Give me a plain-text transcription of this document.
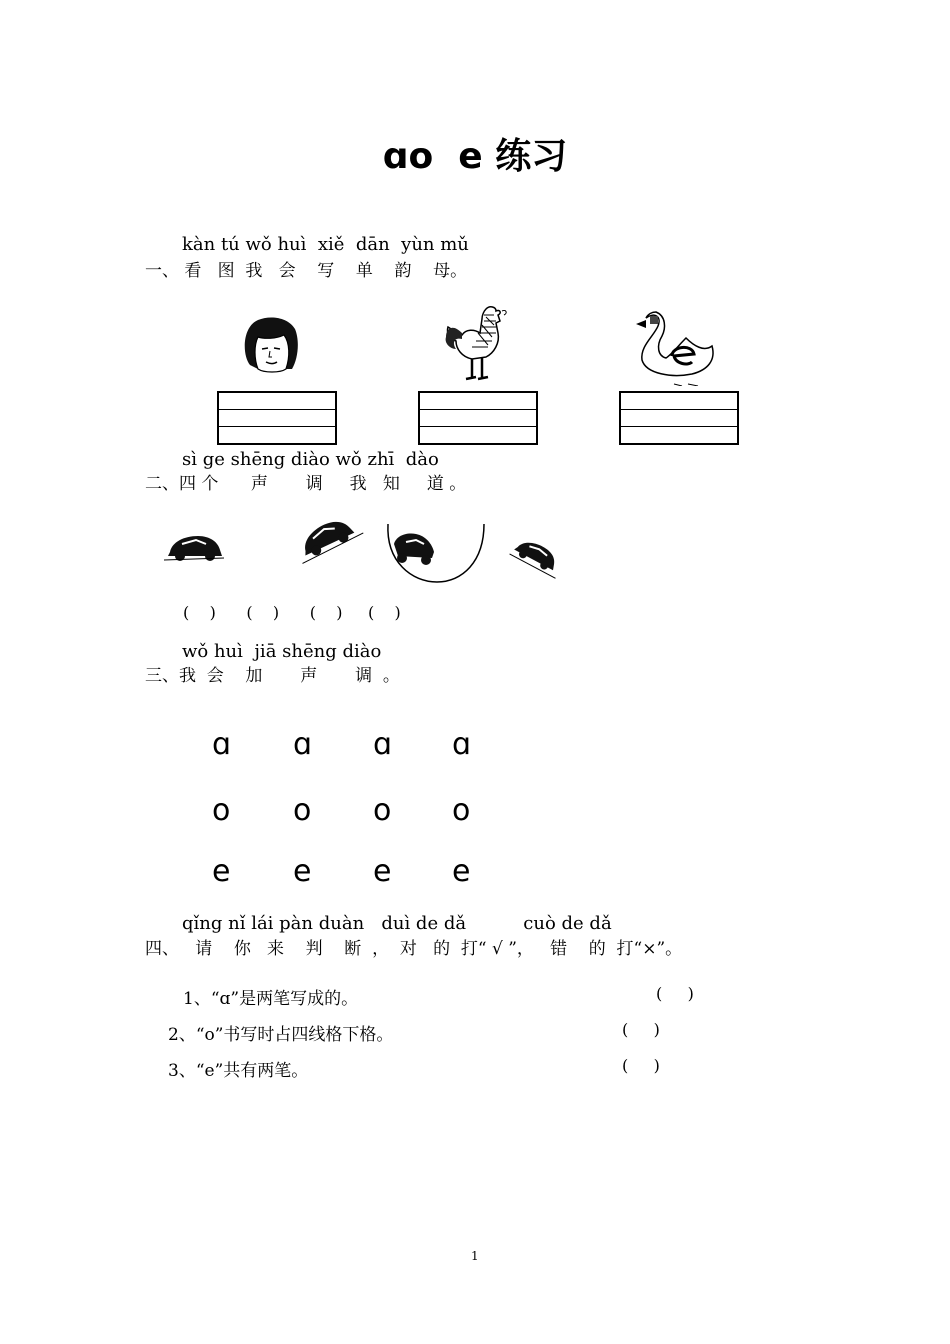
ɑo  e 练习
kàn tú wǒ huì  xiě  dān  yùn mǔ
一、 看   图  我   会    写    单    韵    母。
sì ge shēng diào wǒ zhī  dào
二、四 个      声       调     我   知     道 。
(    )      (    )      (    )     (    )
wǒ huì  jiā shēng diào
三、我  会    加       声       调  。
ɑ ɑ ɑ ɑ
o o o o
e e e e
qǐng nǐ lái pàn duàn   duì de dǎ          cuò de dǎ
四、   请    你   来    判    断  ，  对   的  打“ √ ”，   错    的  打“×”。
1、“ɑ”是两笔写成的。	(     )
2、“o”书写时占四线格下格。	(     )
3、“e”共有两笔。	(     )
1
